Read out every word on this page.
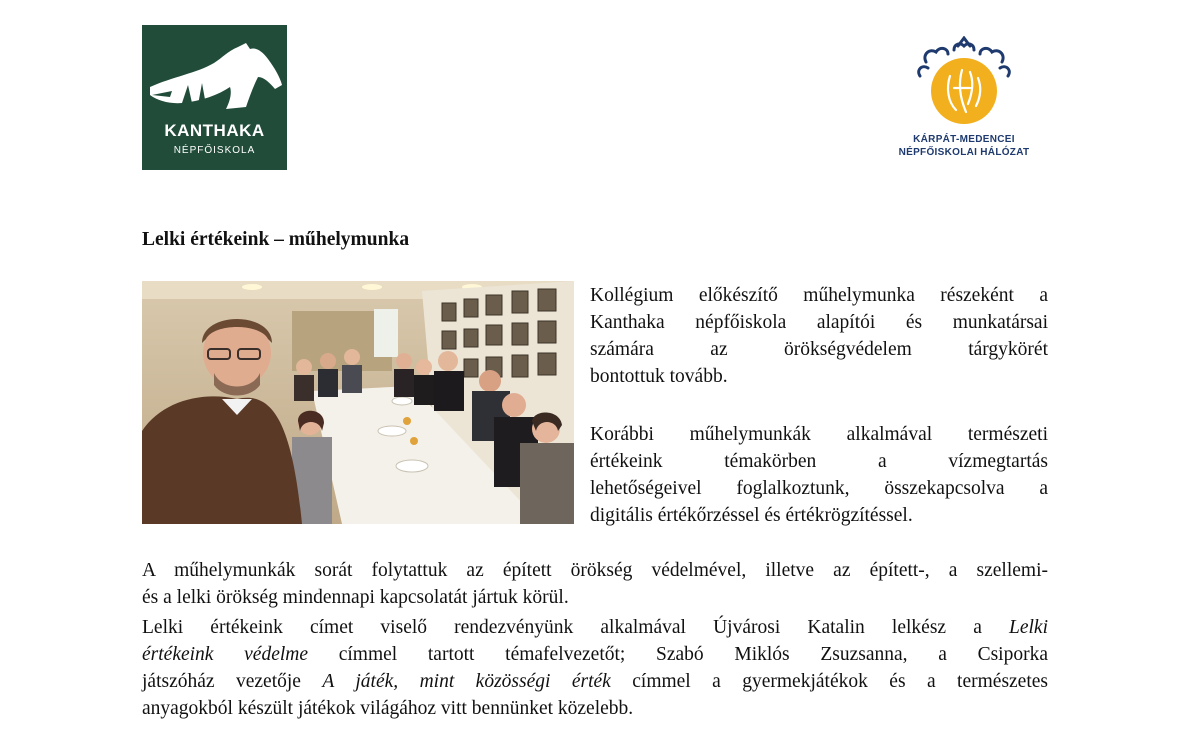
KANTHAKA
NÉPFŐISKOLA
KÁRPÁT-MEDENCEI
NÉPFŐISKOLAI HÁLÓZAT
Lelki értékeink – műhelymunka
Kollégium előkészítő műhelymunka részeként a
Kanthaka népfőiskola alapítói és munkatársai
számára az örökségvédelem tárgykörét
bontottuk tovább.
Korábbi műhelymunkák alkalmával természeti
értékeink témakörben a vízmegtartás
lehetőségeivel foglalkoztunk, összekapcsolva a
digitális értékőrzéssel és értékrögzítéssel.
A műhelymunkák sorát folytattuk az épített örökség védelmével, illetve az épített-, a szellemi-
és a lelki örökség mindennapi kapcsolatát jártuk körül.
Lelki értékeink címet viselő rendezvényünk alkalmával Újvárosi Katalin lelkész a Lelki
értékeink védelme címmel tartott témafelvezetőt; Szabó Miklós Zsuzsanna, a Csiporka
játszóház vezetője A játék, mint közösségi érték címmel a gyermekjátékok és a természetes
anyagokból készült játékok világához vitt bennünket közelebb.
